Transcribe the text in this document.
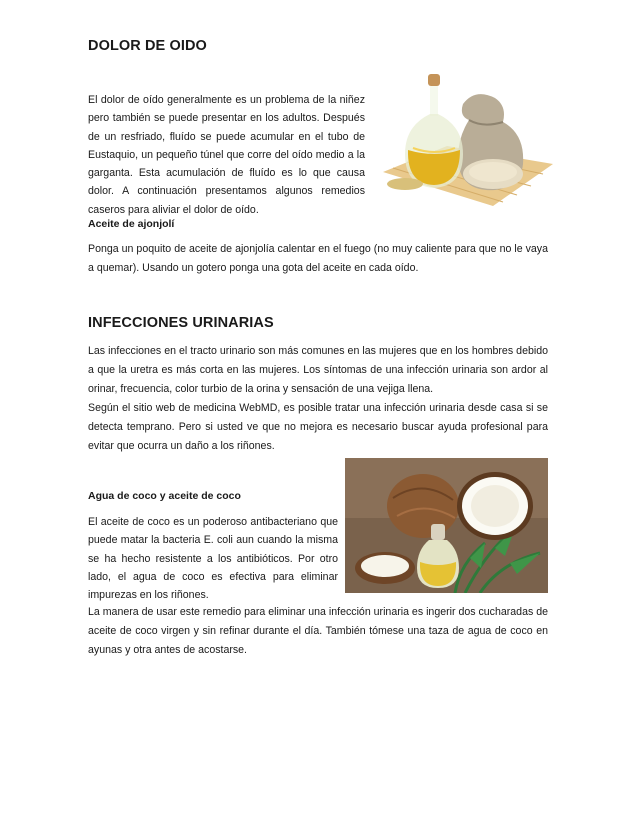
DOLOR DE OIDO
El dolor de oído generalmente es un problema de la niñez pero también se puede presentar en los adultos. Después de un resfriado, fluído se puede acumular en el tubo de Eustaquio, un pequeño túnel que corre del oído medio a la garganta. Esta acumulación de fluído es lo que causa dolor. A continuación presentamos algunos remedios caseros para aliviar el dolor de oído.
Aceite de ajonjolí
Ponga un poquito de aceite de ajonjolía calentar en el fuego (no muy caliente para que no le vaya a quemar). Usando un gotero ponga una gota del aceite en cada oído.
INFECCIONES URINARIAS
Las infecciones en el tracto urinario son más comunes en las mujeres que en los hombres debido a que la uretra es más corta en las mujeres. Los síntomas de una infección urinaria son ardor al orinar, frecuencia, color turbio de la orina y sensación de una vejiga llena.
Según el sitio web de medicina WebMD, es posible tratar una infección urinaria desde casa si se detecta temprano. Pero si usted ve que no mejora es necesario buscar ayuda profesional para evitar que ocurra un daño a los riñones.
Agua de coco y aceite de coco
El aceite de coco es un poderoso antibacteriano que puede matar la bacteria E. coli aun cuando la misma se ha hecho resistente a los antibióticos. Por otro lado, el agua de coco es efectiva para eliminar impurezas en los riñones.
La manera de usar este remedio para eliminar una infección urinaria es ingerir dos cucharadas de aceite de coco virgen y sin refinar durante el día. También tómese una taza de agua de coco en ayunas y otra antes de acostarse.
